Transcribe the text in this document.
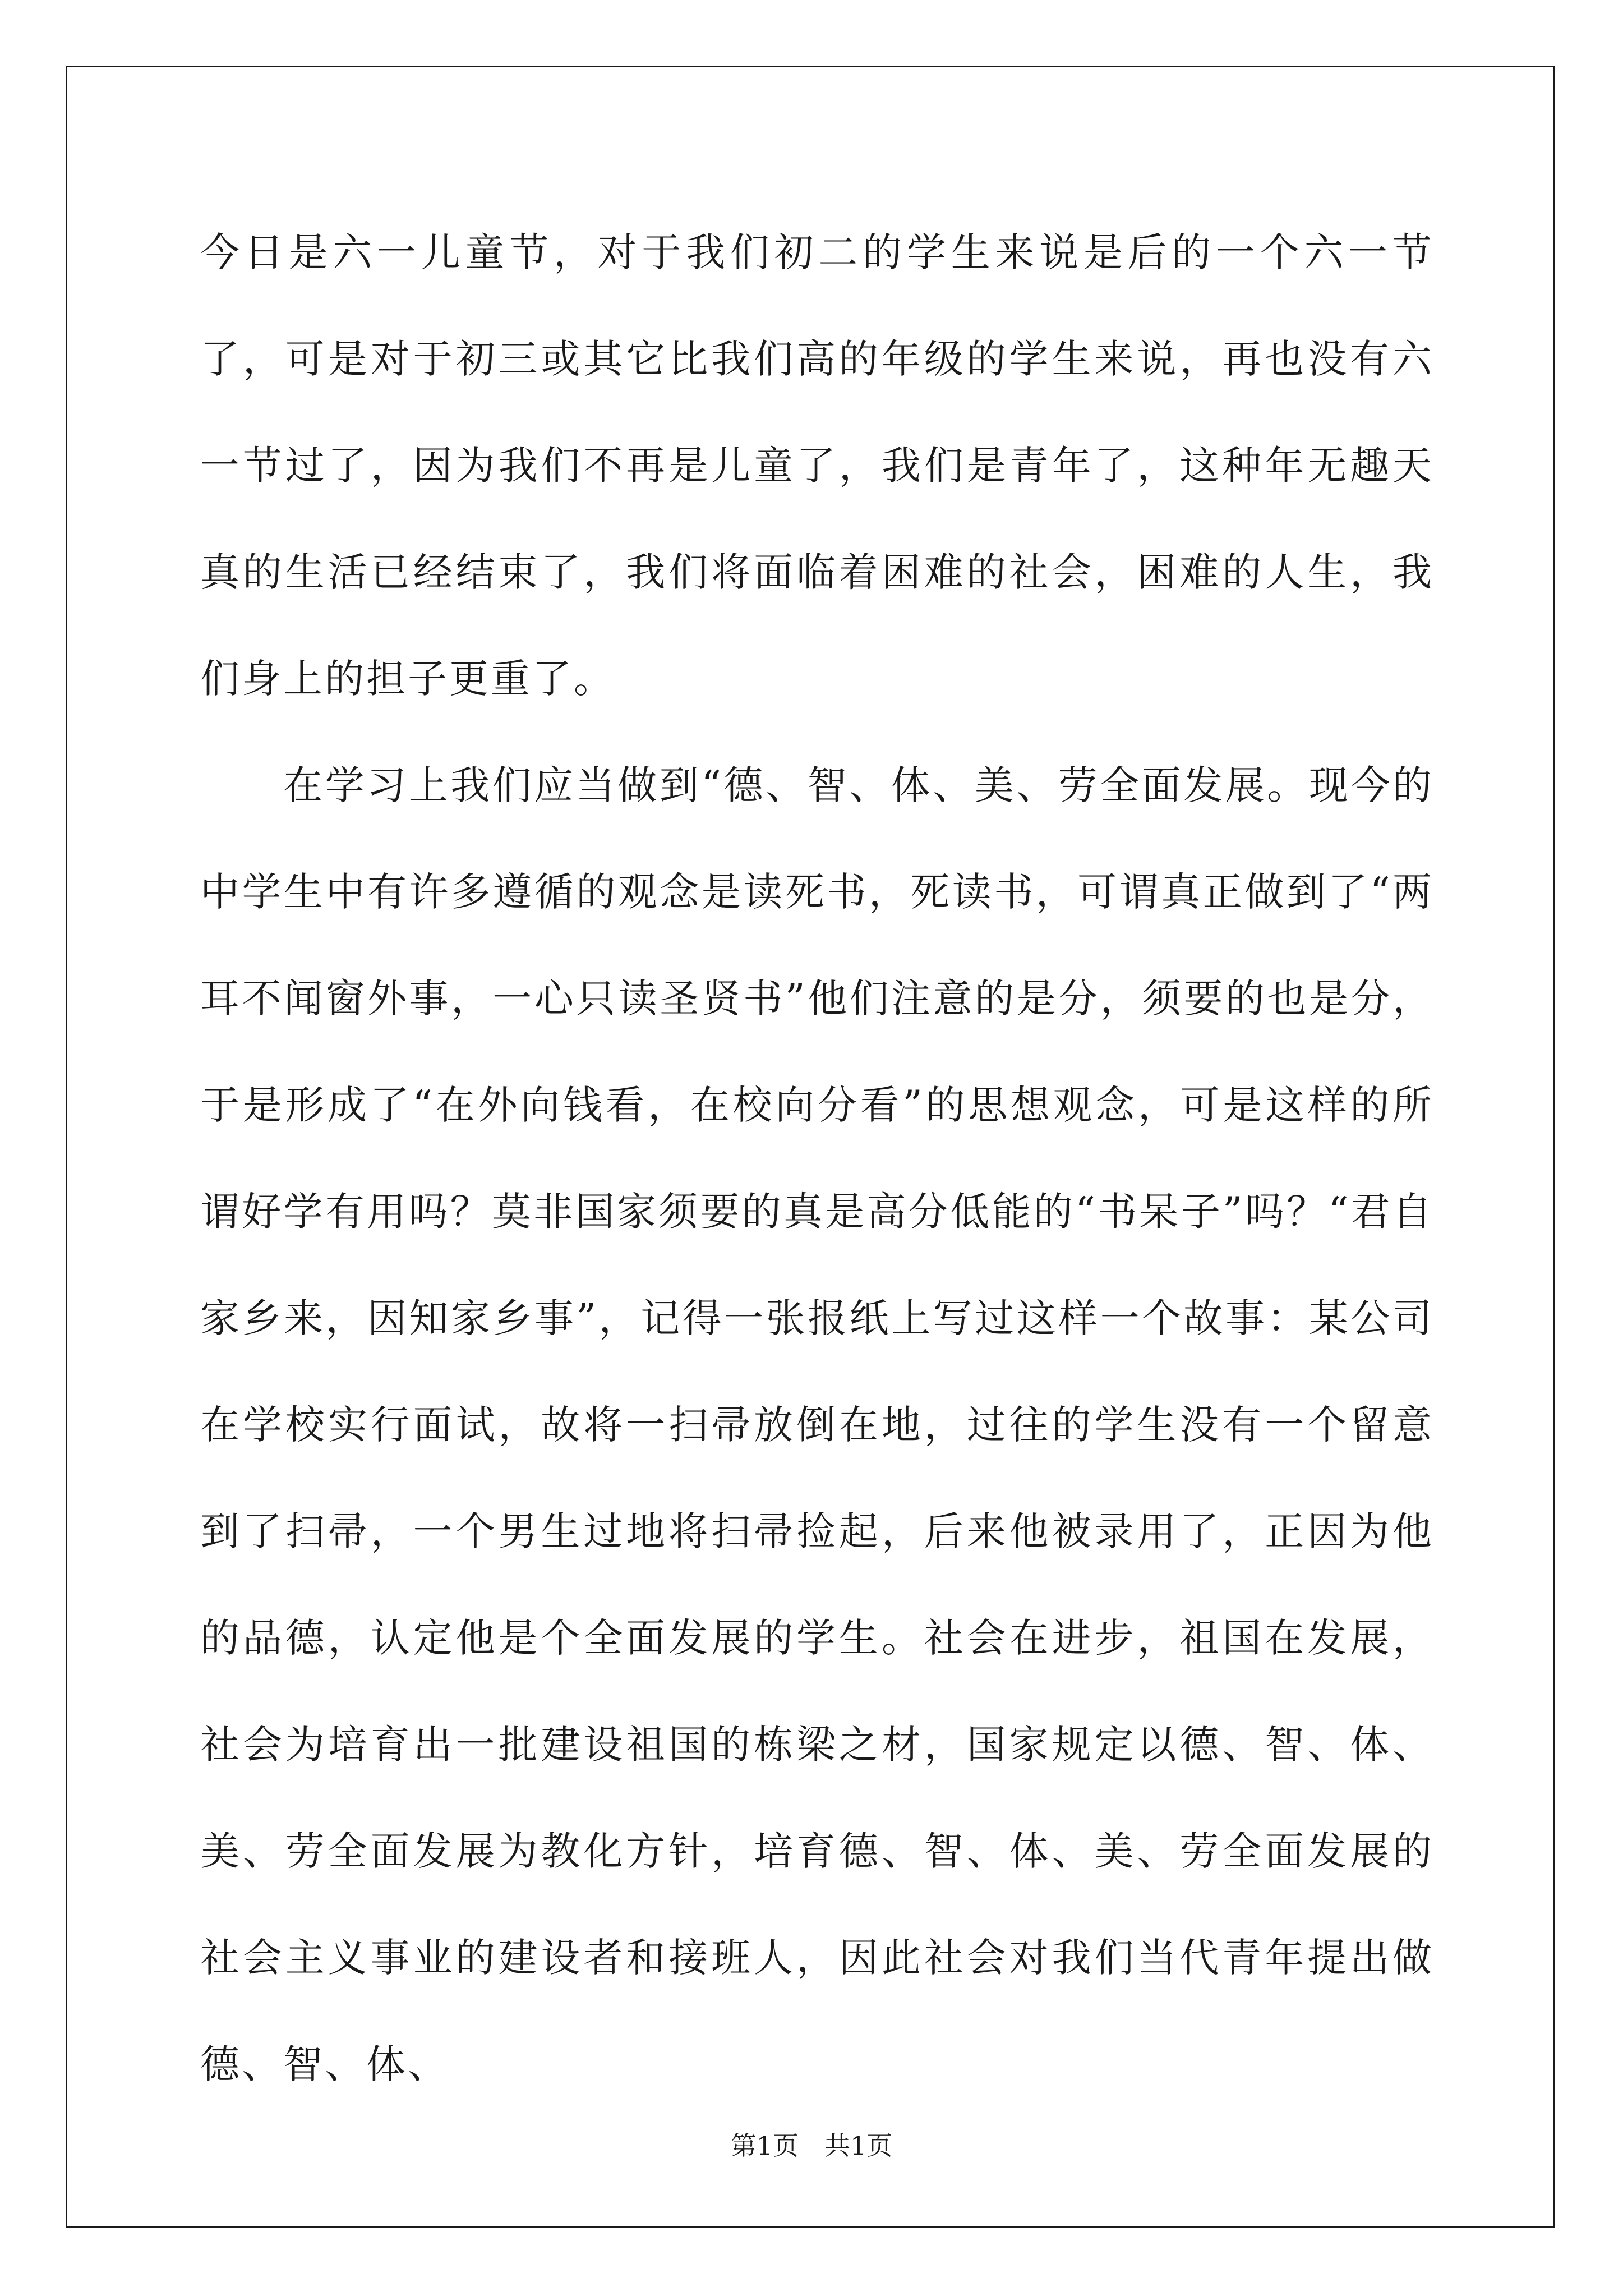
今日是六一儿童节，对于我们初二的学生来说是后的一个六一节了，可是对于初三或其它比我们高的年级的学生来说，再也没有六一节过了，因为我们不再是儿童了，我们是青年了，这种年无趣天真的生活已经结束了，我们将面临着困难的社会，困难的人生，我们身上的担子更重了。

在学习上我们应当做到“德、智、体、美、劳全面发展。现今的中学生中有许多遵循的观念是读死书，死读书，可谓真正做到了“两耳不闻窗外事，一心只读圣贤书”他们注意的是分，须要的也是分，于是形成了“在外向钱看，在校向分看”的思想观念，可是这样的所谓好学有用吗？莫非国家须要的真是高分低能的“书呆子”吗？“君自家乡来，因知家乡事”，记得一张报纸上写过这样一个故事：某公司在学校实行面试，故将一扫帚放倒在地，过往的学生没有一个留意到了扫帚，一个男生过地将扫帚捡起，后来他被录用了，正因为他的品德，认定他是个全面发展的学生。社会在进步，祖国在发展，社会为培育出一批建设祖国的栋梁之材，国家规定以德、智、体、美、劳全面发展为教化方针，培育德、智、体、美、劳全面发展的社会主义事业的建设者和接班人，因此社会对我们当代青年提出做德、智、体、

第1页 共1页
